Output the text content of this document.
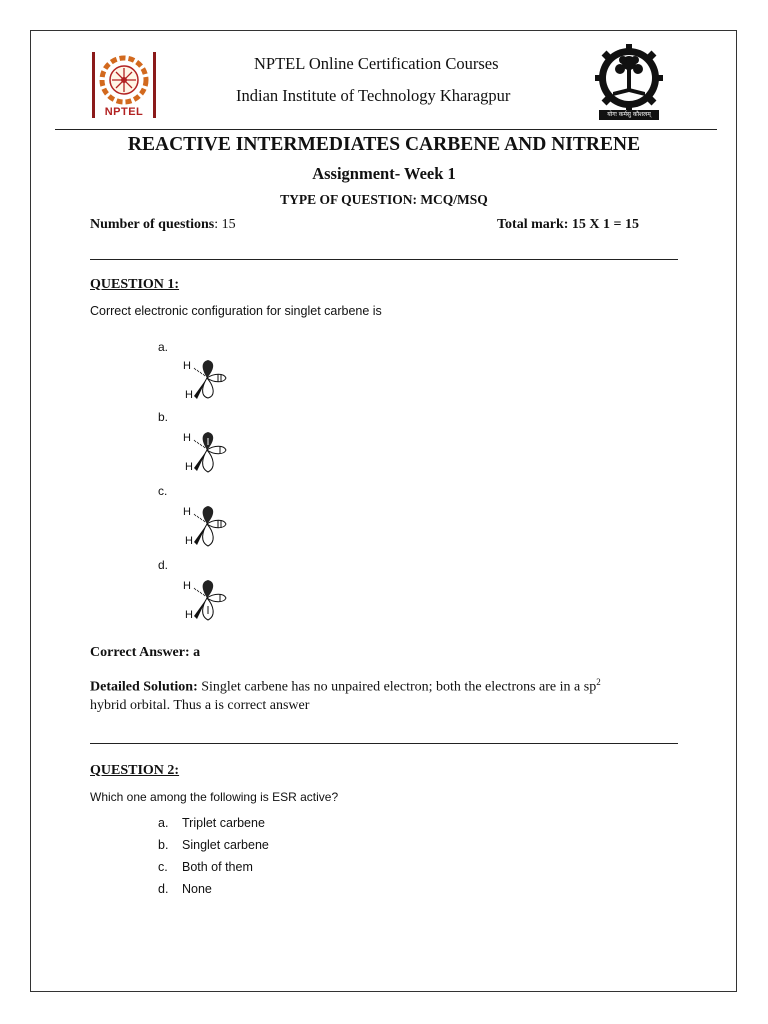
NPTEL
NPTEL Online Certification Courses
Indian Institute of Technology Kharagpur
योगः कर्मसु कौशलम्
REACTIVE INTERMEDIATES CARBENE AND NITRENE
Assignment- Week 1
TYPE OF QUESTION: MCQ/MSQ
Number of questions: 15	Total mark: 15 X 1 = 15
QUESTION 1:
Correct electronic configuration for singlet carbene is
a.
H
H
b.
H
H
c.
H
H
d.
H
H
Correct Answer: a
Detailed Solution: Singlet carbene has no unpaired electron; both the electrons are in a $sp^2$
hybrid orbital. Thus a is correct answer
QUESTION 2:
Which one among the following is ESR active?
a. Triplet carbene
b. Singlet carbene
c. Both of them
d. None
